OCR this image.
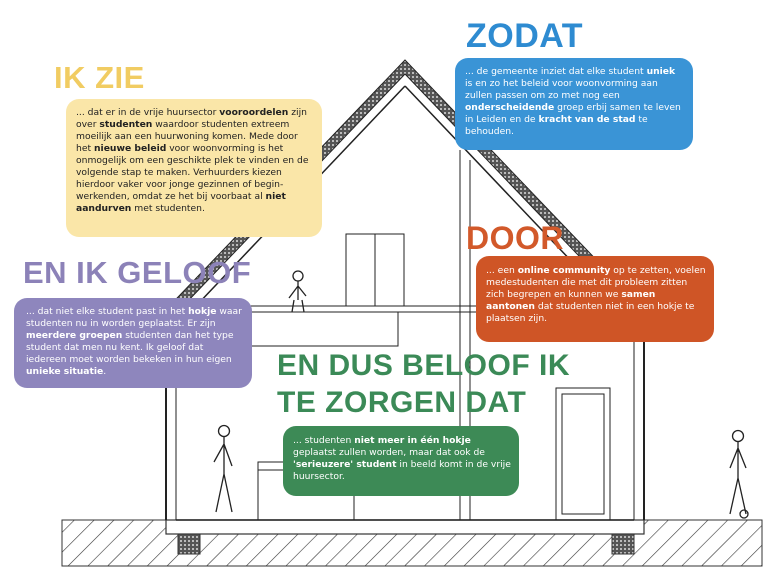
IK ZIE
... dat er in de vrije huursector vooroordelen zijn over studenten waardoor studenten extreem moeilijk aan een huurwoning komen. Mede door het nieuwe beleid voor woonvorming is het onmogelijk om een geschikte plek te vinden en de volgende stap te maken. Verhuurders kiezen hierdoor vaker voor jonge gezinnen of begin-werkenden, omdat ze het bij voorbaat al niet aandurven met studenten.
ZODAT
... de gemeente inziet dat elke student uniek is en zo het beleid voor woonvorming aan zullen passen om zo met nog een onderscheidende groep erbij samen te leven in Leiden en de kracht van de stad te behouden.
DOOR
... een online community op te zetten, voelen medestudenten die met dit probleem zitten zich begrepen en kunnen we samen aantonen dat studenten niet in een hokje te plaatsen zijn.
EN IK GELOOF
... dat niet elke student past in het hokje waar studenten nu in worden geplaatst. Er zijn meerdere groepen studenten dan het type student dat men nu kent. Ik geloof dat iedereen moet worden bekeken in hun eigen unieke situatie.	EN DUS BELOOF IK
TE ZORGEN DAT
... studenten niet meer in één hokje geplaatst zullen worden, maar dat ook de 'serieuzere' student in beeld komt in de vrije huursector.
